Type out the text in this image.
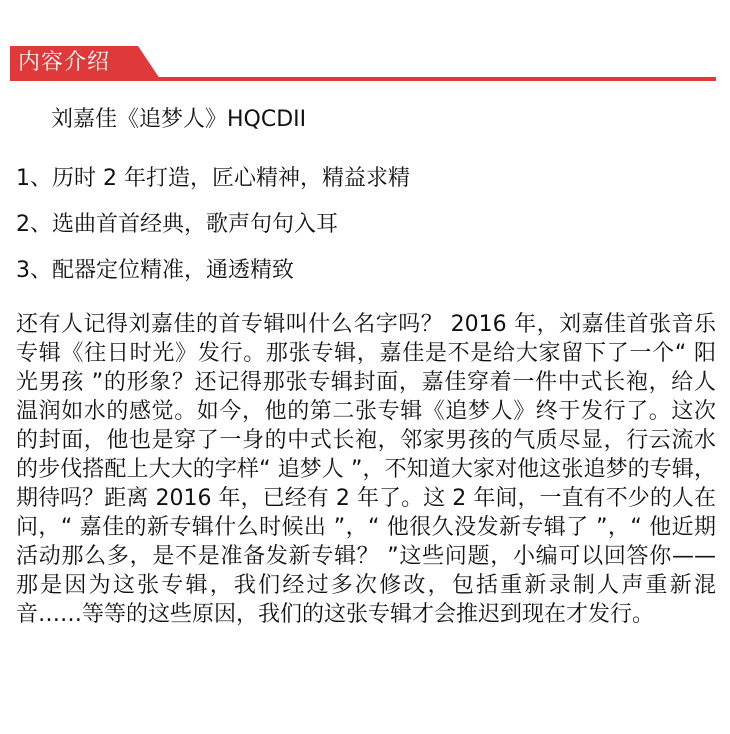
内容介绍
刘嘉佳《追梦人》HQCDII
1、历时 2 年打造，匠心精神，精益求精
2、选曲首首经典，歌声句句入耳
3、配器定位精准，通透精致

还有人记得刘嘉佳的首专辑叫什么名字吗？ 2016 年，刘嘉佳首张音乐专辑《往日时光》发行。那张专辑，嘉佳是不是给大家留下了一个“ 阳光男孩 ”的形象？还记得那张专辑封面，嘉佳穿着一件中式长袍，给人温润如水的感觉。如今，他的第二张专辑《追梦人》终于发行了。这次的封面，他也是穿了一身的中式长袍，邻家男孩的气质尽显，行云流水的步伐搭配上大大的字样“ 追梦人 ”，不知道大家对他这张追梦的专辑，期待吗？距离 2016 年，已经有 2 年了。这 2 年间，一直有不少的人在问，“ 嘉佳的新专辑什么时候出 ”，“ 他很久没发新专辑了 ”，“ 他近期活动那么多，是不是准备发新专辑？ ”这些问题，小编可以回答你——那是因为这张专辑，我们经过多次修改，包括重新录制人声重新混音……等等的这些原因，我们的这张专辑才会推迟到现在才发行。
